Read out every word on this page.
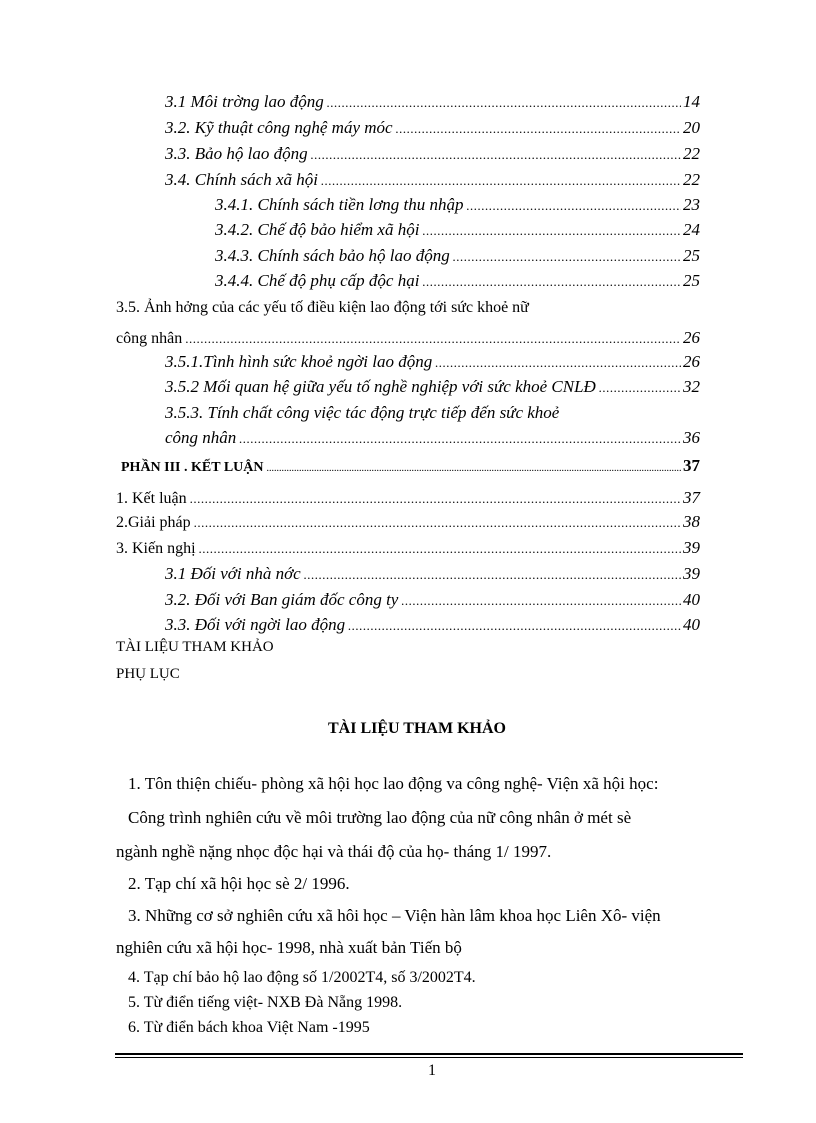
3.1 Môi trờng lao động .....	14
3.2. Kỹ thuật công nghệ máy móc .....	20
3.3. Bảo hộ lao động .....	22
3.4. Chính sách xã hội .....	22
3.4.1. Chính sách tiền lơng thu nhập .....	23
3.4.2. Chế độ bảo hiểm xã hội .....	24
3.4.3. Chính sách bảo hộ lao động .....	25
3.4.4. Chế độ phụ cấp độc hại .....	25
3.5. Ảnh hởng của các yếu tố điều kiện lao động tới sức khoẻ nữ
công nhân .....	26
3.5.1.Tình hình sức khoẻ ngời lao động .....	26
3.5.2 Mối quan hệ giữa yếu tố nghề nghiệp với sức khoẻ CNLĐ .....	32
3.5.3. Tính chất công việc tác động trực tiếp đến sức khoẻ
công nhân .....	36
PHẦN III . KẾT LUẬN .....	37
1. Kết luận .....	37
2.Giải pháp .....	38
3. Kiến nghị .....	39
3.1 Đối với nhà nớc .....	39
3.2. Đối với Ban giám đốc công ty .....	40
3.3. Đối với ngời lao động .....	40
TÀI LIỆU THAM KHẢO
PHỤ LỤC
TÀI LIỆU THAM KHẢO
1. Tôn thiện chiếu- phòng xã hội học lao động va công nghệ- Viện xã hội học:
Công trình nghiên cứu về môi trường lao động của nữ công nhân ở mét sè
ngành nghề nặng nhọc độc hại và thái độ của họ- tháng 1/ 1997.
2. Tạp chí xã hội học sè 2/ 1996.
3. Những cơ sở nghiên cứu xã hôi học – Viện hàn lâm khoa học Liên Xô- viện
nghiên cứu xã hội học- 1998, nhà xuất bản Tiến bộ
4. Tạp chí bảo hộ lao động số 1/2002T4, số 3/2002T4.
5. Từ điển tiếng việt- NXB Đà Nẵng 1998.
6. Từ điển bách khoa Việt Nam -1995
1
